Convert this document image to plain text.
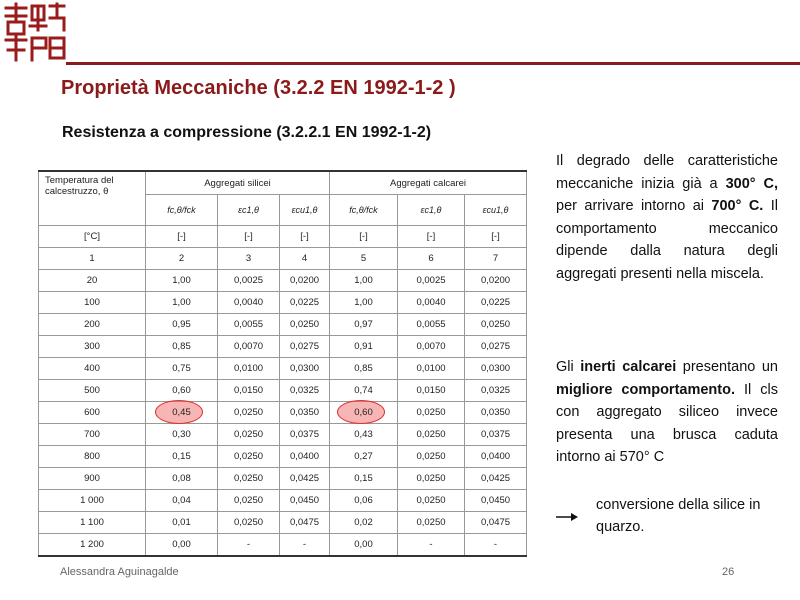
Proprietà Meccaniche (3.2.2 EN 1992-1-2 )
Resistenza a compressione (3.2.2.1 EN 1992-1-2)
Temperatura del calcestruzzo, θ	Aggregati silicei			Aggregati calcarei		
	fc,θ/fck	εc1,θ	εcu1,θ	fc,θ/fck	εc1,θ	εcu1,θ
[°C]	[-]	[-]	[-]	[-]	[-]	[-]
1	2	3	4	5	6	7
20	1,00	0,0025	0,0200	1,00	0,0025	0,0200
100	1,00	0,0040	0,0225	1,00	0,0040	0,0225
200	0,95	0,0055	0,0250	0,97	0,0055	0,0250
300	0,85	0,0070	0,0275	0,91	0,0070	0,0275
400	0,75	0,0100	0,0300	0,85	0,0100	0,0300
500	0,60	0,0150	0,0325	0,74	0,0150	0,0325
600	0,45	0,0250	0,0350	0,60	0,0250	0,0350
700	0,30	0,0250	0,0375	0,43	0,0250	0,0375
800	0,15	0,0250	0,0400	0,27	0,0250	0,0400
900	0,08	0,0250	0,0425	0,15	0,0250	0,0425
1 000	0,04	0,0250	0,0450	0,06	0,0250	0,0450
1 100	0,01	0,0250	0,0475	0,02	0,0250	0,0475
1 200	0,00	-	-	0,00	-	-
Il degrado delle caratteristiche meccaniche inizia già a 300° C, per arrivare intorno ai 700° C. Il comportamento meccanico dipende dalla natura degli aggregati presenti nella miscela.
Gli inerti calcarei presentano un migliore comportamento. Il cls con aggregato siliceo invece presenta una brusca caduta intorno ai 570° C
conversione della silice in quarzo.
Alessandra Aguinagalde	26
